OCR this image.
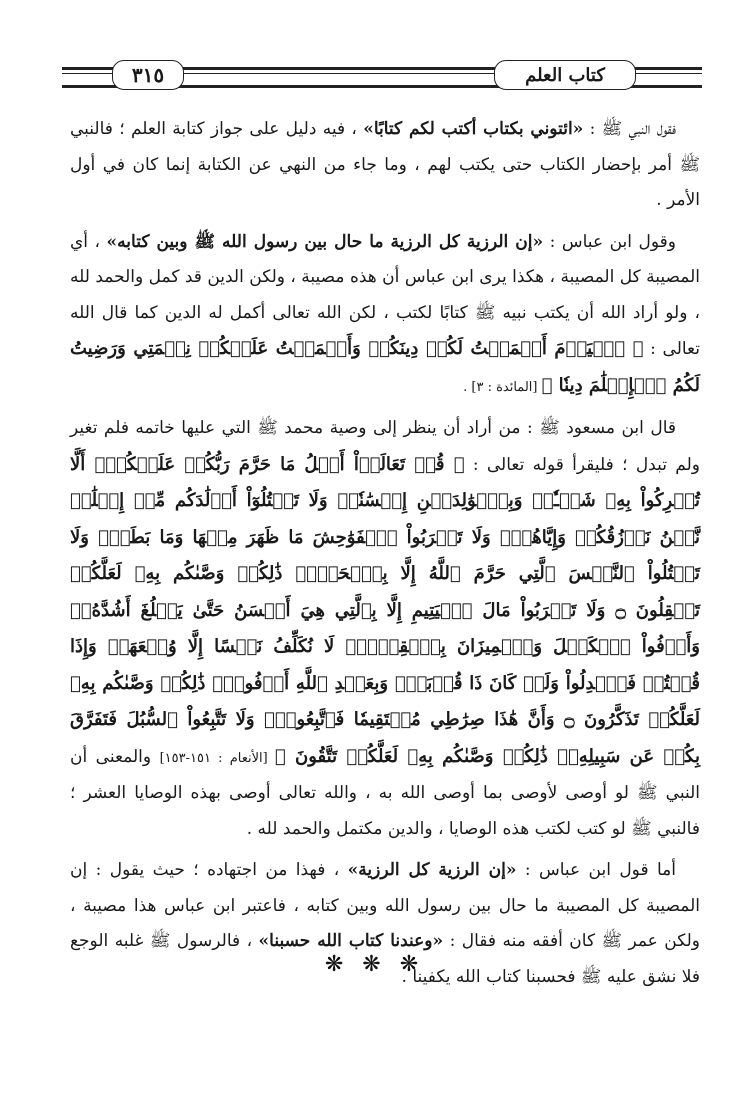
٣١٥	كتاب العلم

فقول النبي ﷺ : «ائتوني بكتاب أكتب لكم كتابًا» ، فيه دليل على جواز كتابة العلم ؛ فالنبي ﷺ أمر بإحضار الكتاب حتى يكتب لهم ، وما جاء من النهي عن الكتابة إنما كان في أول الأمر .

وقول ابن عباس : «إن الرزية كل الرزية ما حال بين رسول الله ﷺ وبين كتابه» ، أي المصيبة كل المصيبة ، هكذا يرى ابن عباس أن هذه مصيبة ، ولكن الدين قد كمل والحمد لله ، ولو أراد الله أن يكتب نبيه ﷺ كتابًا لكتب ، لكن الله تعالى أكمل له الدين كما قال الله تعالى : ﴿ ٱلۡيَوۡمَ أَكۡمَلۡتُ لَكُمۡ دِينَكُمۡ وَأَتۡمَمۡتُ عَلَيۡكُمۡ نِعۡمَتِي وَرَضِيتُ لَكُمُ ٱلۡإِسۡلَٰمَ دِينٗا ﴾ [المائدة : ٣] .

قال ابن مسعود ﷺ : من أراد أن ينظر إلى وصية محمد ﷺ التي عليها خاتمه فلم تغير ولم تبدل ؛ فليقرأ قوله تعالى : ﴿ قُلۡ تَعَالَوۡاْ أَتۡلُ مَا حَرَّمَ رَبُّكُمۡ عَلَيۡكُمۡۖ أَلَّا تُشۡرِكُواْ بِهِۦ شَيۡـٔٗاۖ وَبِٱلۡوَٰلِدَيۡنِ إِحۡسَٰنٗاۖ وَلَا تَقۡتُلُوٓاْ أَوۡلَٰدَكُم مِّنۡ إِمۡلَٰقٖ نَّحۡنُ نَرۡزُقُكُمۡ وَإِيَّاهُمۡۖ وَلَا تَقۡرَبُواْ ٱلۡفَوَٰحِشَ مَا ظَهَرَ مِنۡهَا وَمَا بَطَنَۖ وَلَا تَقۡتُلُواْ ٱلنَّفۡسَ ٱلَّتِي حَرَّمَ ٱللَّهُ إِلَّا بِٱلۡحَقِّۚ ذَٰلِكُمۡ وَصَّىٰكُم بِهِۦ لَعَلَّكُمۡ تَعۡقِلُونَ ۝ وَلَا تَقۡرَبُواْ مَالَ ٱلۡيَتِيمِ إِلَّا بِٱلَّتِي هِيَ أَحۡسَنُ حَتَّىٰ يَبۡلُغَ أَشُدَّهُۥۚ وَأَوۡفُواْ ٱلۡكَيۡلَ وَٱلۡمِيزَانَ بِٱلۡقِسۡطِۖ لَا نُكَلِّفُ نَفۡسًا إِلَّا وُسۡعَهَاۖ وَإِذَا قُلۡتُمۡ فَٱعۡدِلُواْ وَلَوۡ كَانَ ذَا قُرۡبَىٰۖ وَبِعَهۡدِ ٱللَّهِ أَوۡفُواْۚ ذَٰلِكُمۡ وَصَّىٰكُم بِهِۦ لَعَلَّكُمۡ تَذَكَّرُونَ ۝ وَأَنَّ هَٰذَا صِرَٰطِي مُسۡتَقِيمٗا فَٱتَّبِعُوهُۖ وَلَا تَتَّبِعُواْ ٱلسُّبُلَ فَتَفَرَّقَ بِكُمۡ عَن سَبِيلِهِۦۚ ذَٰلِكُمۡ وَصَّىٰكُم بِهِۦ لَعَلَّكُمۡ تَتَّقُونَ ﴾ [الأنعام : ١٥١-١٥٣] والمعنى أن النبي ﷺ لو أوصى لأوصى بما أوصى الله به ، والله تعالى أوصى بهذه الوصايا العشر ؛ فالنبي ﷺ لو كتب لكتب هذه الوصايا ، والدين مكتمل والحمد لله .

أما قول ابن عباس : «إن الرزية كل الرزية» ، فهذا من اجتهاده ؛ حيث يقول : إن المصيبة كل المصيبة ما حال بين رسول الله وبين كتابه ، فاعتبر ابن عباس هذا مصيبة ، ولكن عمر ﷺ كان أفقه منه فقال : «وعندنا كتاب الله حسبنا» ، فالرسول ﷺ غلبه الوجع فلا نشق عليه ﷺ فحسبنا كتاب الله يكفينا .

❋ ❋ ❋
